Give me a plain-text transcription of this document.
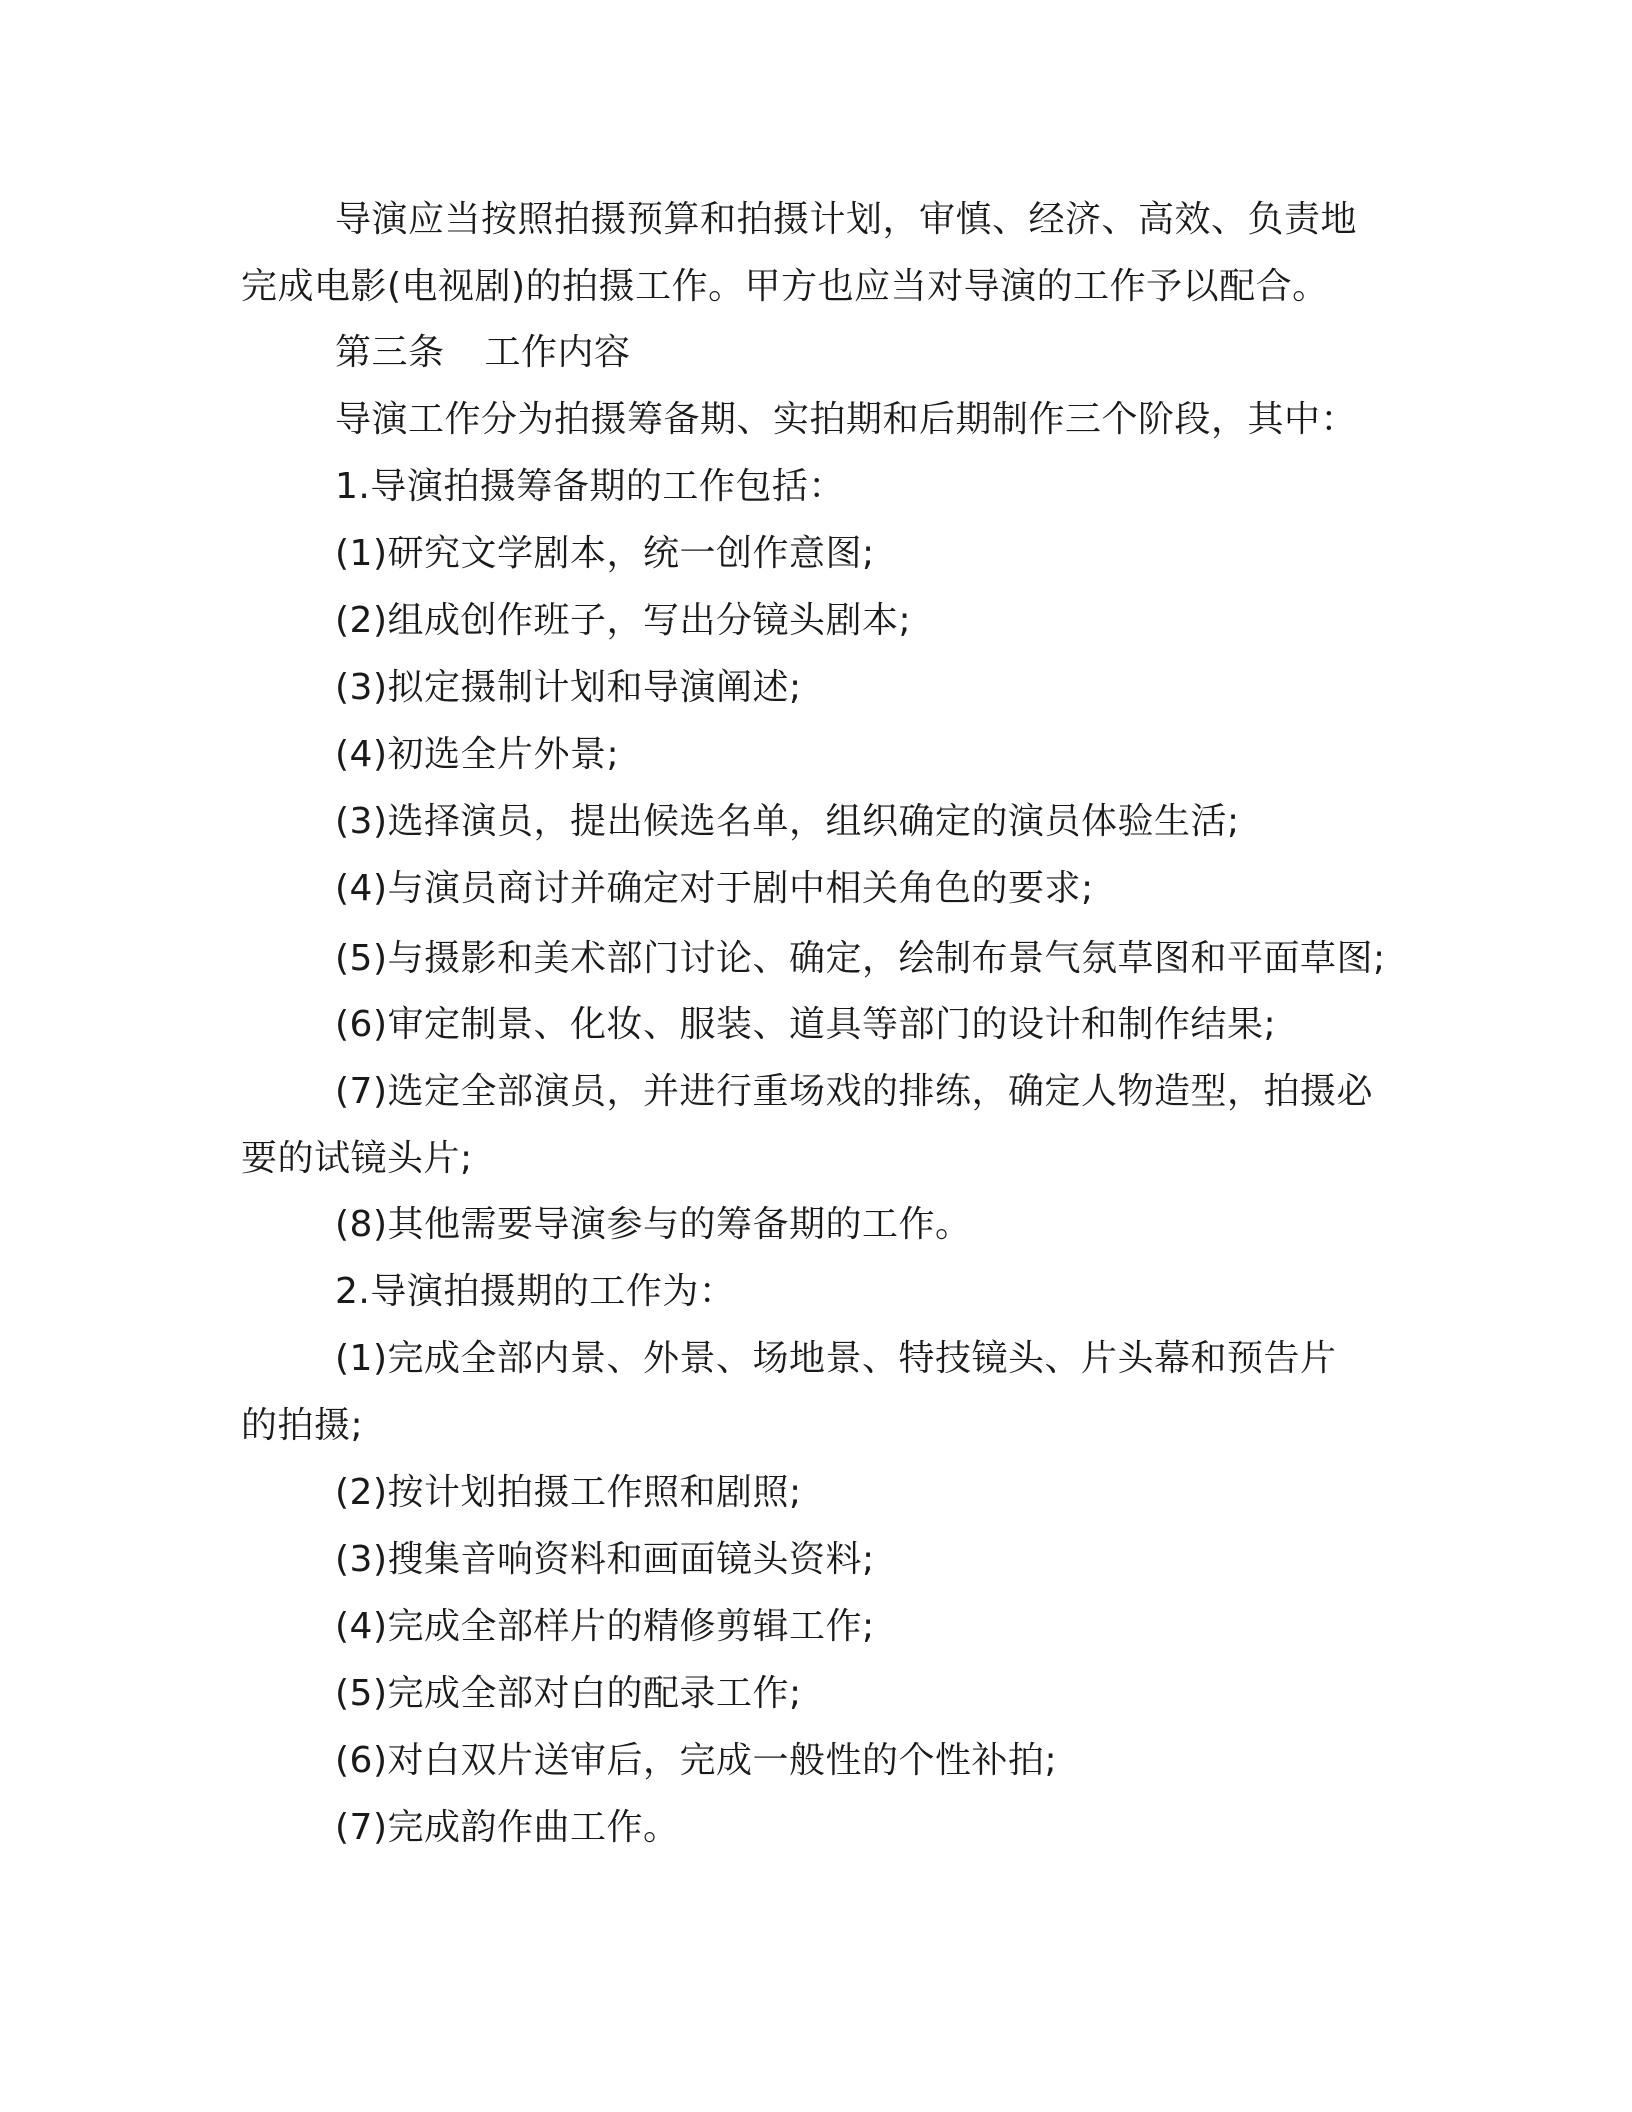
导演应当按照拍摄预算和拍摄计划，审慎、经济、高效、负责地
完成电影(电视剧)的拍摄工作。甲方也应当对导演的工作予以配合。
第三条 工作内容
导演工作分为拍摄筹备期、实拍期和后期制作三个阶段，其中：
1.导演拍摄筹备期的工作包括：
(1)研究文学剧本，统一创作意图;
(2)组成创作班子，写出分镜头剧本;
(3)拟定摄制计划和导演阐述;
(4)初选全片外景;
(3)选择演员，提出候选名单，组织确定的演员体验生活;
(4)与演员商讨并确定对于剧中相关角色的要求;
(5)与摄影和美术部门讨论、确定，绘制布景气氛草图和平面草图;
(6)审定制景、化妆、服装、道具等部门的设计和制作结果;
(7)选定全部演员，并进行重场戏的排练，确定人物造型，拍摄必
要的试镜头片;
(8)其他需要导演参与的筹备期的工作。
2.导演拍摄期的工作为：
(1)完成全部内景、外景、场地景、特技镜头、片头幕和预告片
的拍摄;
(2)按计划拍摄工作照和剧照;
(3)搜集音响资料和画面镜头资料;
(4)完成全部样片的精修剪辑工作;
(5)完成全部对白的配录工作;
(6)对白双片送审后，完成一般性的个性补拍;
(7)完成韵作曲工作。
